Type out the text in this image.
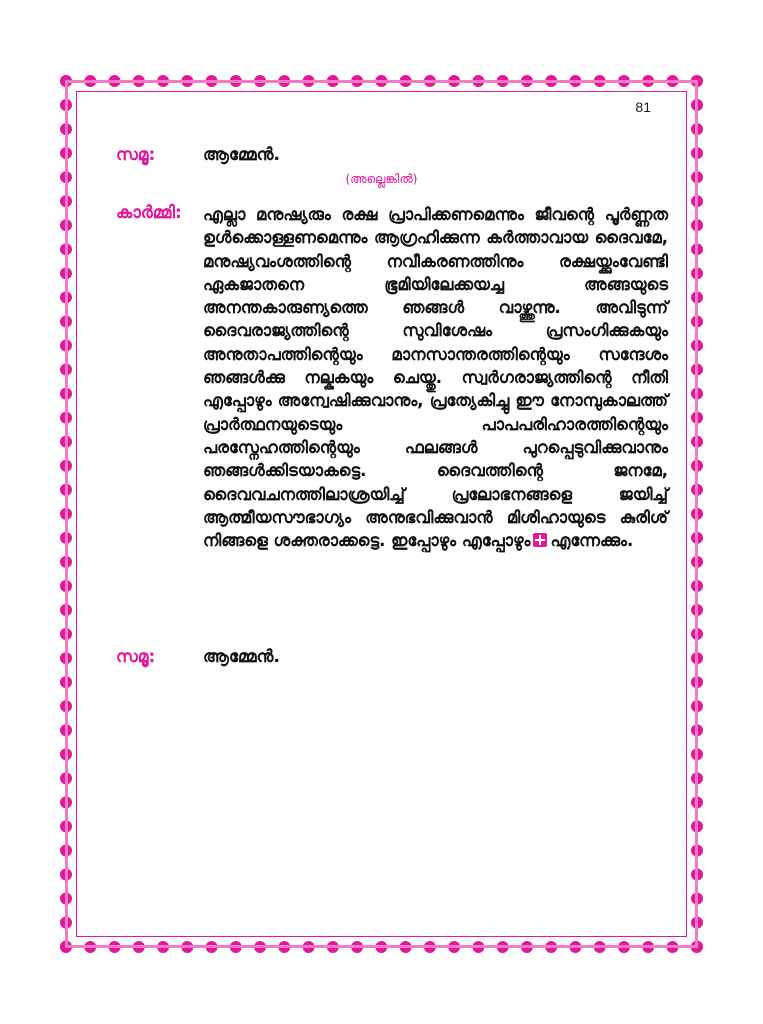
81
സമൂ:	ആമ്മേൻ.
(അല്ലെങ്കിൽ)
കാർമ്മി: എല്ലാ മനുഷ്യരും രക്ഷ പ്രാപിക്കണമെന്നും ജീവന്റെ പൂർണ്ണത ഉൾക്കൊള്ളണമെന്നും ആഗ്രഹിക്കുന്ന കർത്താവായ ദൈവമേ, മനുഷ്യവംശത്തിന്റെ നവീകരണത്തിനും രക്ഷയ്ക്കുംവേണ്ടി ഏകജാതനെ ഭൂമിയിലേക്കയച്ച അങ്ങയുടെ അനന്തകാരുണ്യത്തെ ഞങ്ങൾ വാഴ്ത്തുന്നു. അവിടുന്ന് ദൈവരാജ്യത്തിന്റെ സുവിശേഷം പ്രസംഗിക്കുകയും അനുതാപത്തിന്റെയും മാനസാന്തരത്തിന്റെയും സന്ദേശം ഞങ്ങൾക്കു നല്കുകയും ചെയ്തു. സ്വർഗരാജ്യത്തിന്റെ നീതി എപ്പോഴും അന്വേഷിക്കുവാനും, പ്രത്യേകിച്ചു ഈ നോമ്പുകാലത്ത് പ്രാർത്ഥനയുടെയും പാപപരിഹാരത്തിന്റെയും പരസ്നേഹത്തിന്റെയും ഫലങ്ങൾ പുറപ്പെടുവിക്കുവാനും ഞങ്ങൾക്കിടയാകട്ടെ. ദൈവത്തിന്റെ ജനമേ, ദൈവവചനത്തിലാശ്രയിച്ച് പ്രലോഭനങ്ങളെ ജയിച്ച് ആത്മീയസൗഭാഗ്യം അനുഭവിക്കുവാൻ മിശിഹായുടെ കുരിശ് നിങ്ങളെ ശക്തരാക്കട്ടെ. ഇപ്പോഴും എപ്പോഴും എന്നേക്കും.

സമൂ:	ആമ്മേൻ.
